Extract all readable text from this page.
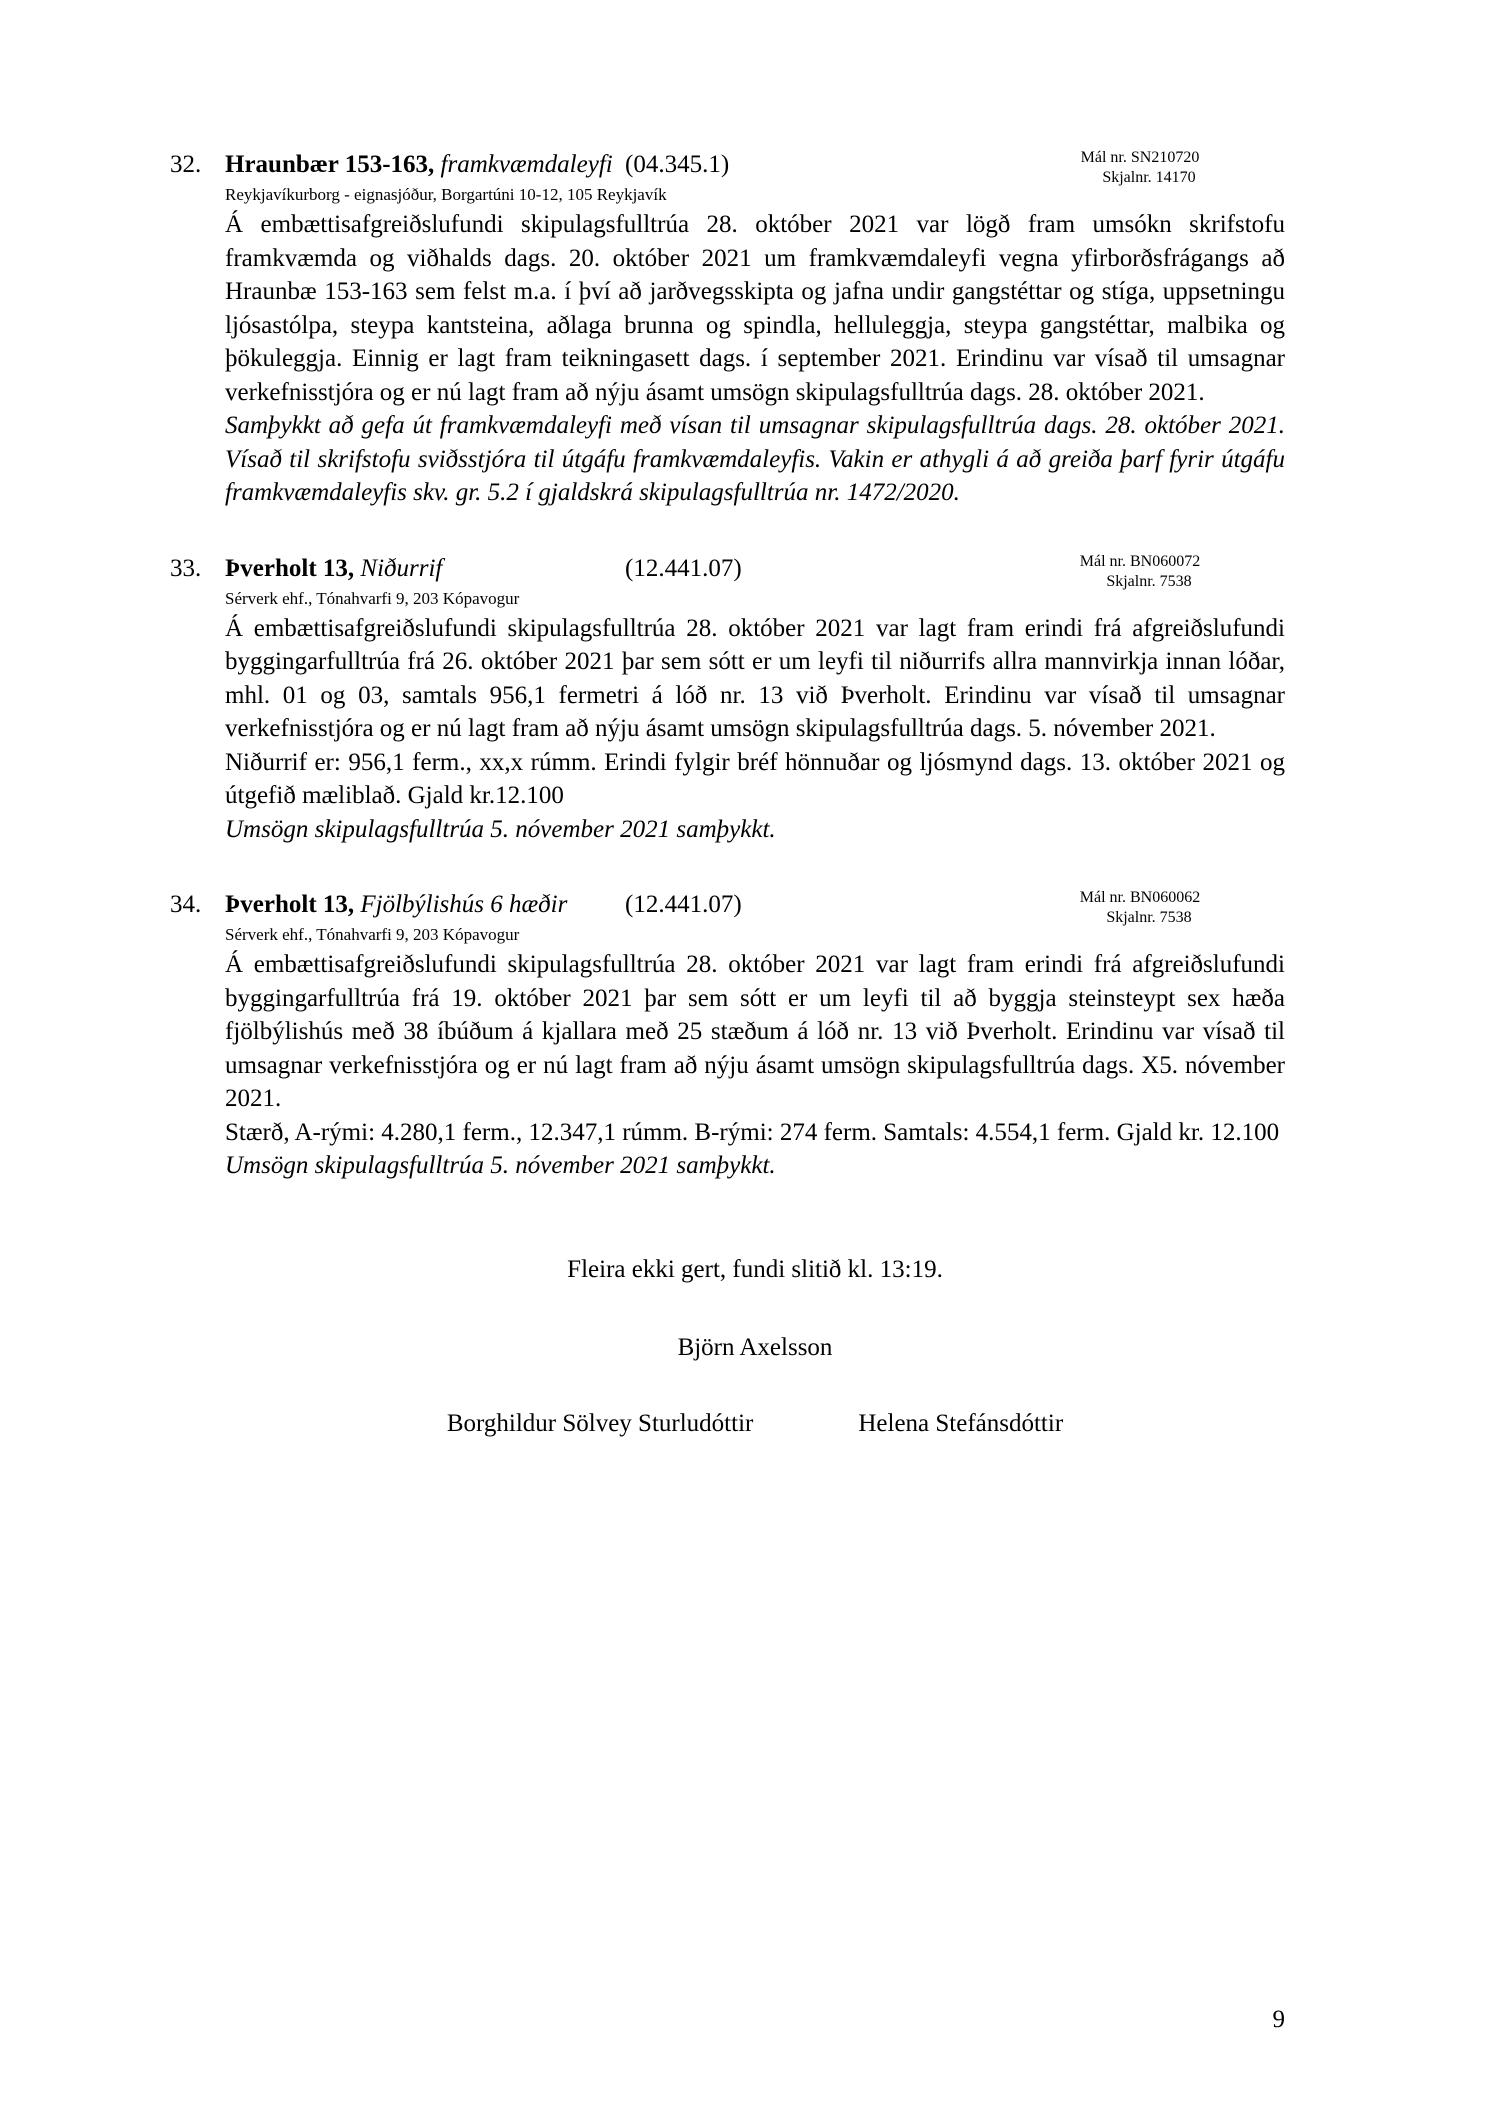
32. Hraunbær 153-163, framkvæmdaleyfi (04.345.1)	Mál nr. SN210720
Skjalnr. 14170
Reykjavíkurborg - eignasjóður, Borgartúni 10-12, 105 Reykjavík

Á embættisafgreiðslufundi skipulagsfulltrúa 28. október 2021 var lögð fram umsókn skrifstofu framkvæmda og viðhalds dags. 20. október 2021 um framkvæmdaleyfi vegna yfirborðsfrágangs að Hraunbæ 153-163 sem felst m.a. í því að jarðvegsskipta og jafna undir gangstéttar og stíga, uppsetningu ljósastólpa, steypa kantsteina, aðlaga brunna og spindla, helluleggja, steypa gangstéttar, malbika og þökuleggja. Einnig er lagt fram teikningasett dags. í september 2021. Erindinu var vísað til umsagnar verkefnisstjóra og er nú lagt fram að nýju ásamt umsögn skipulagsfulltrúa dags. 28. október 2021.

Samþykkt að gefa út framkvæmdaleyfi með vísan til umsagnar skipulagsfulltrúa dags. 28. október 2021. Vísað til skrifstofu sviðsstjóra til útgáfu framkvæmdaleyfis. Vakin er athygli á að greiða þarf fyrir útgáfu framkvæmdaleyfis skv. gr. 5.2 í gjaldskrá skipulagsfulltrúa nr. 1472/2020.

33. Þverholt 13, Niðurrif	(12.441.07)	Mál nr. BN060072
Skjalnr. 7538
Sérverk ehf., Tónahvarfi 9, 203 Kópavogur

Á embættisafgreiðslufundi skipulagsfulltrúa 28. október 2021 var lagt fram erindi frá afgreiðslufundi byggingarfulltrúa frá 26. október 2021 þar sem sótt er um leyfi til niðurrifs allra mannvirkja innan lóðar, mhl. 01 og 03, samtals 956,1 fermetri á lóð nr. 13 við Þverholt. Erindinu var vísað til umsagnar verkefnisstjóra og er nú lagt fram að nýju ásamt umsögn skipulagsfulltrúa dags. 5. nóvember 2021.

Niðurrif er: 956,1 ferm., xx,x rúmm. Erindi fylgir bréf hönnuðar og ljósmynd dags. 13. október 2021 og útgefið mæliblað. Gjald kr.12.100

Umsögn skipulagsfulltrúa 5. nóvember 2021 samþykkt.

34. Þverholt 13, Fjölbýlishús 6 hæðir (12.441.07)	Mál nr. BN060062
Skjalnr. 7538
Sérverk ehf., Tónahvarfi 9, 203 Kópavogur

Á embættisafgreiðslufundi skipulagsfulltrúa 28. október 2021 var lagt fram erindi frá afgreiðslufundi byggingarfulltrúa frá 19. október 2021 þar sem sótt er um leyfi til að byggja steinsteypt sex hæða fjölbýlishús með 38 íbúðum á kjallara með 25 stæðum á lóð nr. 13 við Þverholt. Erindinu var vísað til umsagnar verkefnisstjóra og er nú lagt fram að nýju ásamt umsögn skipulagsfulltrúa dags. X5. nóvember 2021.

Stærð, A-rými: 4.280,1 ferm., 12.347,1 rúmm. B-rými: 274 ferm. Samtals: 4.554,1 ferm. Gjald kr. 12.100

Umsögn skipulagsfulltrúa 5. nóvember 2021 samþykkt.

Fleira ekki gert, fundi slitið kl. 13:19.
Björn Axelsson
Borghildur Sölvey Sturludóttir	Helena Stefánsdóttir
9
